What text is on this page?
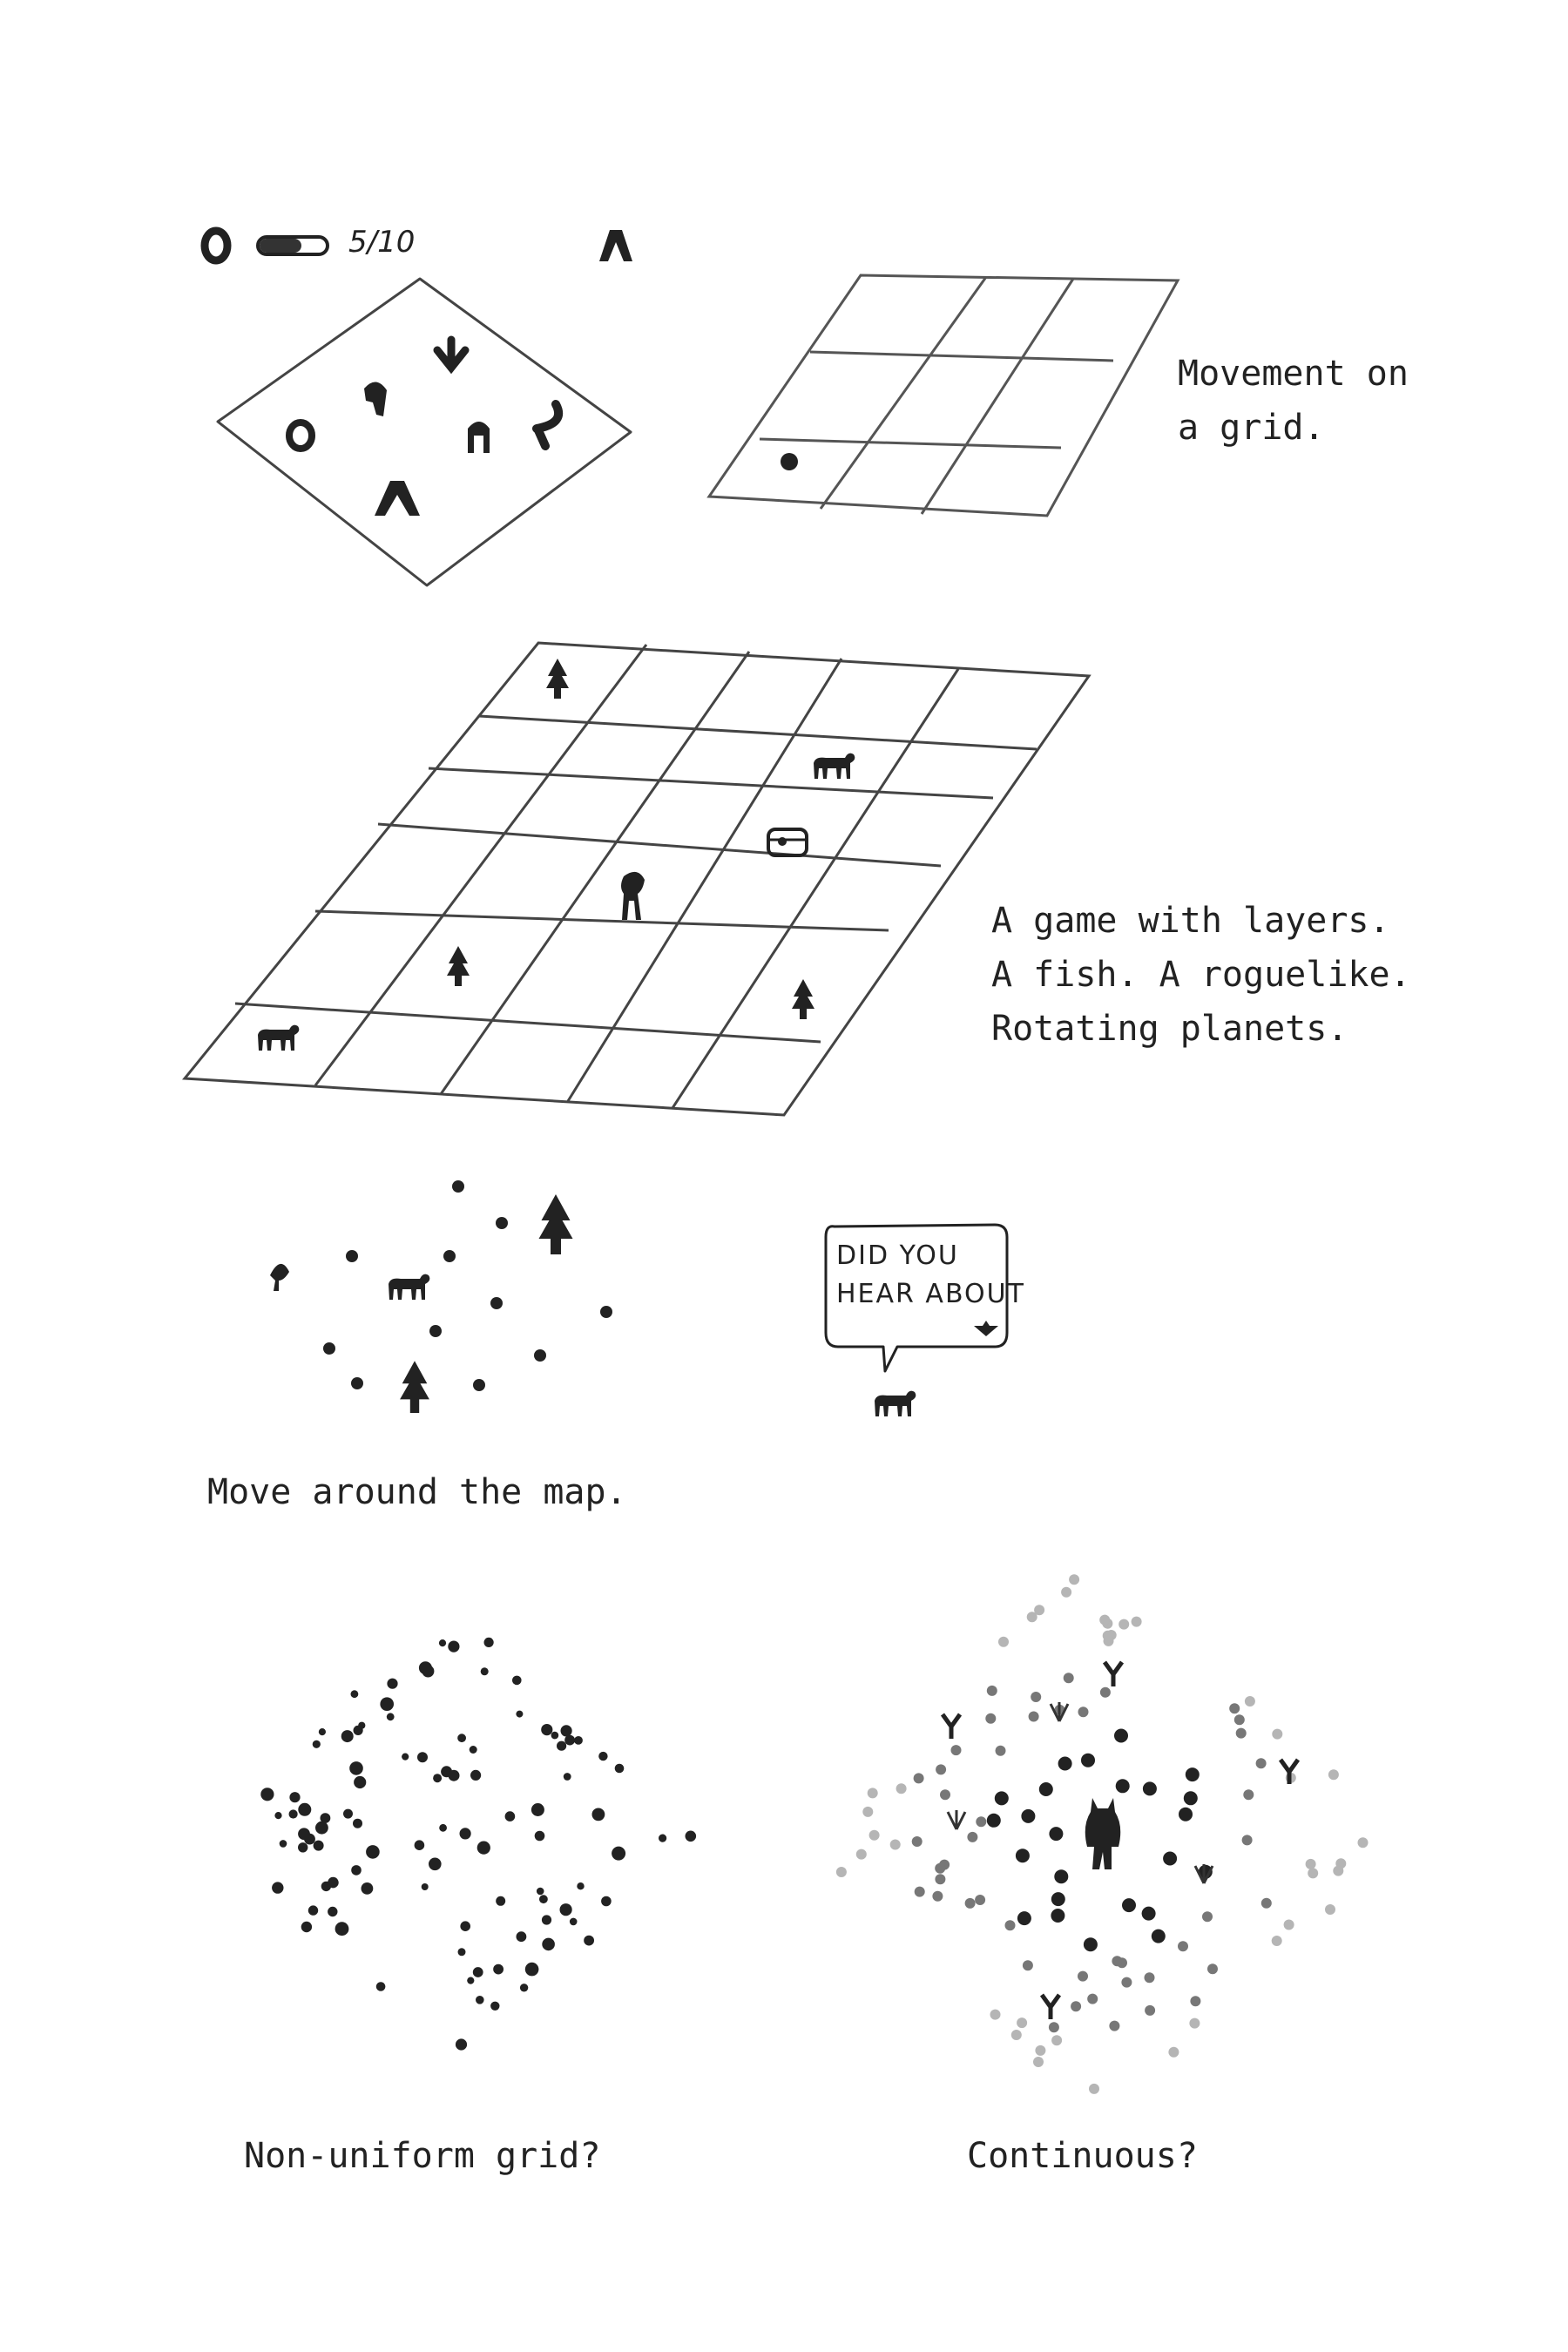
Movement on
a grid.
A game with layers.
A fish. A roguelike.
Rotating planets.
Move around the map.
Non-uniform grid?	Continuous?
5/10
DID YOU
HEAR ABOUT
